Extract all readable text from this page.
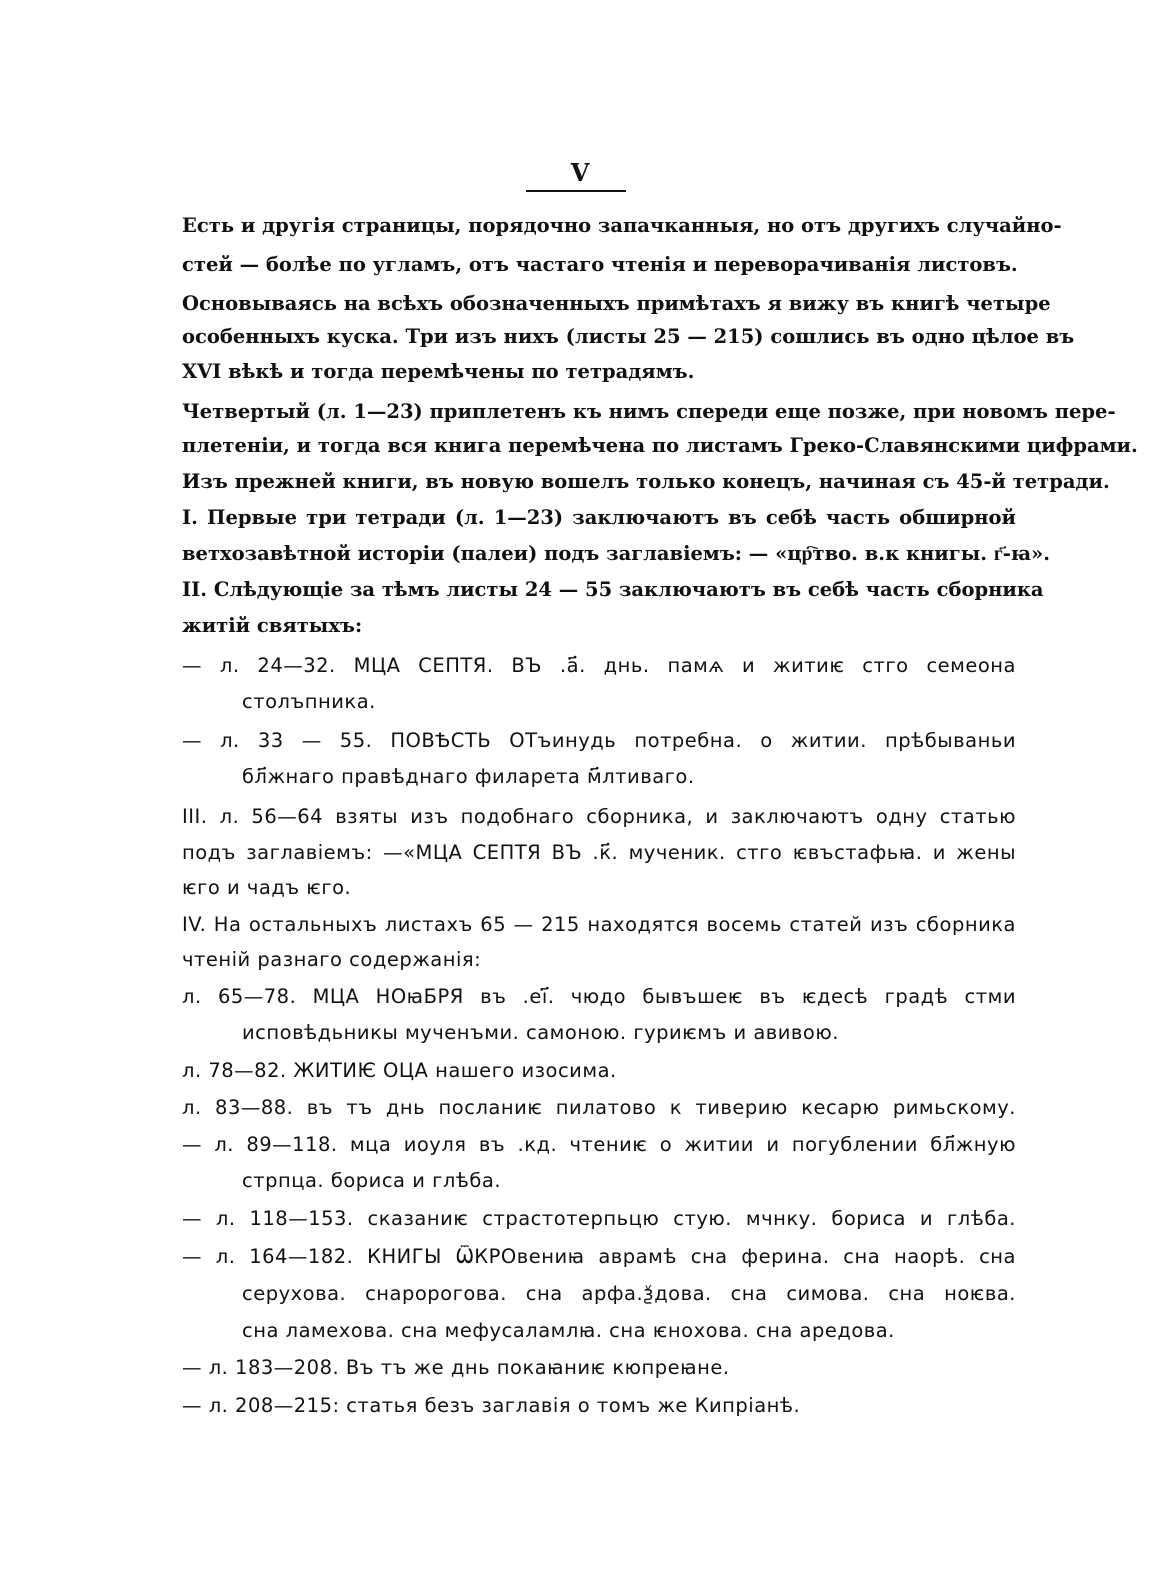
V
Есть и другія страницы, порядочно запачканныя, но отъ другихъ случайно-
стей — болѣе по угламъ, отъ частаго чтенія и переворачиванія листовъ.
Основываясь на всѣхъ обозначенныхъ примѣтахъ я вижу въ книгѣ четыре
особенныхъ куска. Три изъ нихъ (листы 25 — 215) сошлись въ одно цѣлое въ
XVI вѣкѣ и тогда перемѣчены по тетрадямъ.
Четвертый (л. 1—23) приплетенъ къ нимъ спереди еще позже, при новомъ пере-
плетеніи, и тогда вся книга перемѣчена по листамъ Греко-Славянскими цифрами.
Изъ прежней книги, въ новую вошелъ только конецъ, начиная съ 45-й тетради.
I. Первые три тетради (л. 1—23) заключаютъ въ себѣ часть обширной
ветхозавѣтной исторіи (палеи) подъ заглавіемъ: — «цр҇тво. в.к книгы. г҃-ꙗ».
II. Слѣдующіе за тѣмъ листы 24 — 55 заключаютъ въ себѣ часть сборника
житій святыхъ:
— л. 24—32. МЦА СЕПТЯ. ВЪ .а҃. днь. памѧ и житиѥ стго семеона
столъпника.
— л. 33 — 55. ПОВѢСТЬ ОТъинудь потребна. о житии. прѣбываньи
бл҃жнаго правѣднаго филарета м҃лтиваго.
III. л. 56—64 взяты изъ подобнаго сборника, и заключаютъ одну статью
подъ заглавіемъ: —«МЦА СЕПТЯ ВЪ .к҃. мученик. стго ѥвъстафьꙗ. и жены
ѥго и чадъ ѥго.
IV. На остальныхъ листахъ 65 — 215 находятся восемь статей изъ сборника
чтеній разнаго содержанія:
л. 65—78. МЦА НОꙗБРЯ въ .еі҃. чюдо бывъшеѥ въ ѥдесѣ градѣ стми
исповѣдьникы мученъми. самоною. гуриѥмъ и авивою.
л. 78—82. ЖИТИѤ ОЦА нашего изосима.
л. 83—88. въ тъ днь посланиѥ пилатово к тиверию кесарю римьскому.
— л. 89—118. мца иоуля въ .кд. чтениѥ о житии и погублении бл҃жную
стрпца. бориса и глѣба.
— л. 118—153. сказаниѥ страстотерпьцю стую. мчнку. бориса и глѣба.
— л. 164—182. КНИГЫ ѾКРОвениꙗ аврамѣ сна ферина. сна наорѣ. сна
серухова. снаророгова. сна арфа.ѯдова. сна симова. сна ноѥва.
сна ламехова. сна мефусаламлꙗ. сна ѥнохова. сна аредова.
— л. 183—208. Въ тъ же днь покаꙗниѥ кюпреꙗне.
— л. 208—215: статья безъ заглавія о томъ же Кипріанѣ.
